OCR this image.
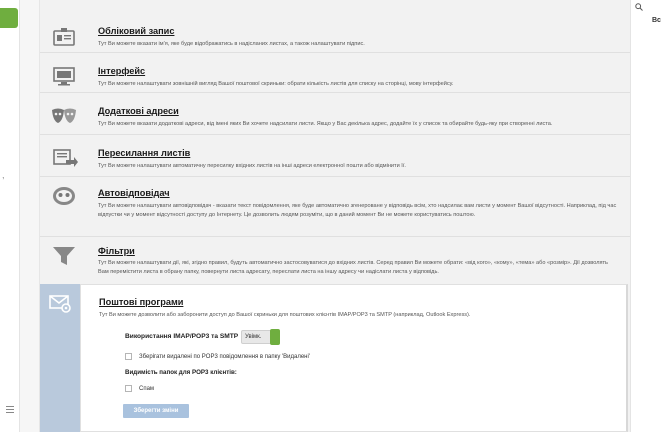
,
Обліковий запис
Тут Ви можете вказати ім'я, яке буде відображатись в надісланих листах, а також налаштувати підпис.
Інтерфейс
Тут Ви можете налаштувати зовнішній вигляд Вашої поштової скриньки: обрати кількість листів для списку на сторінці, мову інтерфейсу.
Додаткові адреси
Тут Ви можете вказати додаткові адреси, від імені яких Ви хочете надсилати листи. Якщо у Вас декілька адрес, додайте їх у список та обирайте будь-яку при створенні листа.
Пересилання листів
Тут Ви можете налаштувати автоматичну пересилку вхідних листів на інші адреси електронної пошти або відмінити її.
Автовідповідач
Тут Ви можете налаштувати автовідповідач - вказати текст повідомлення, яке буде автоматично згенероване у відповідь всім, хто надсилає вам листи у момент Вашої відсутності. Наприклад, під час відпустки чи у момент відсутності доступу до Інтернету. Це дозволить людям розуміти, що в даний момент Ви не можете користуватись поштою.
Фільтри
Тут Ви можете налаштувати дії, які, згідно правил, будуть автоматично застосовуватися до вхідних листів. Серед правил Ви можете обрати: «від кого», «кому», «тема» або «розмір». Дії дозволять Вам перемістити листа в обрану папку, повернути листа адресату, переслати листа на іншу адресу чи надіслати листа у відповідь.
Поштові програми
Тут Ви можете дозволити або заборонити доступ до Вашої скриньки для поштових клієнтів IMAP/POP3 та SMTP (наприклад, Outlook Express).
Використання IMAP/POP3 та SMTP Увімк.
Зберігати видалені по POP3 повідомлення в папку 'Видалені'
Видимість папок для POP3 клієнтів:
Спам
Зберегти зміни
Вс
